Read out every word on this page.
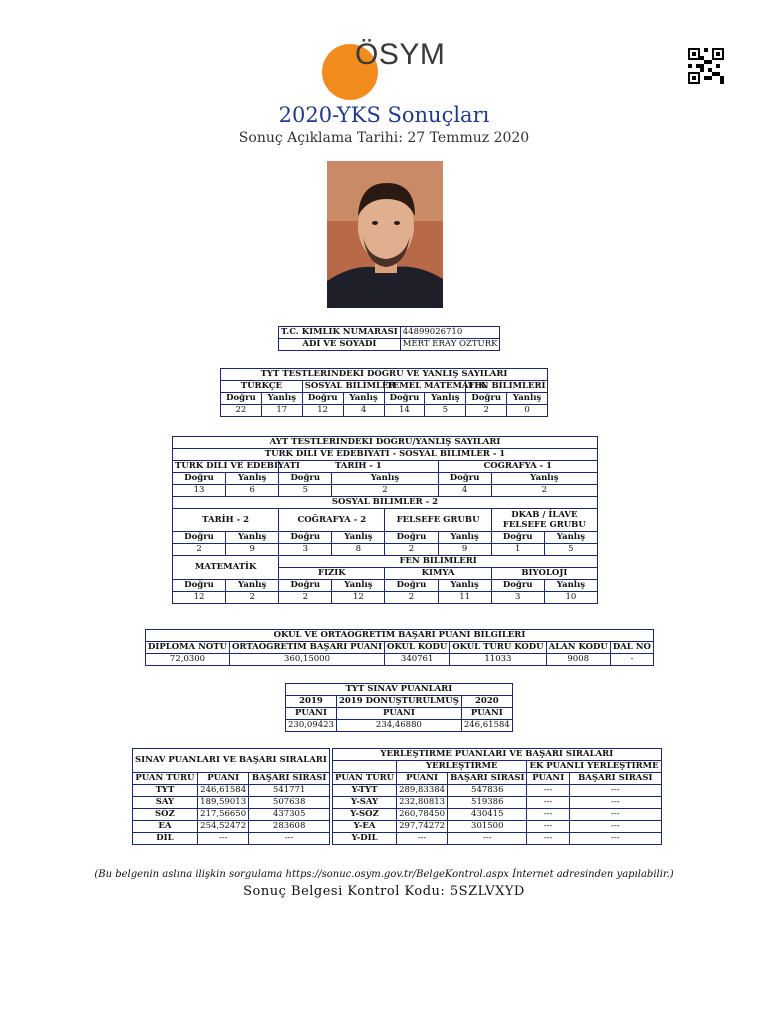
ÖSYM
2020-YKS Sonuçları
Sonuç Açıklama Tarihi: 27 Temmuz 2020
T.C. KİMLİK NUMARASI	44899026710
ADI VE SOYADI	MERT ERAY ÖZTÜRK
TYT TESTLERİNDEKİ DOĞRU VE YANLIŞ SAYILARI							
TÜRKÇE		SOSYAL BİLİMLER		TEMEL MATEMATİK		FEN BİLİMLERİ	
Doğru	Yanlış	Doğru	Yanlış	Doğru	Yanlış	Doğru	Yanlış
22	17	12	4	14	5	2	0
AYT TESTLERİNDEKİ DOĞRU/YANLIŞ SAYILARI							
TÜRK DİLİ VE EDEBİYATI - SOSYAL BİLİMLER - 1							
TÜRK DİLİ VE EDEBİYATI		TARİH - 1			COĞRAFYA - 1		
Doğru	Yanlış	Doğru	Yanlış		Doğru	Yanlış	
13	6	5	2		4	2	
SOSYAL BİLİMLER - 2							
TARİH - 2		COĞRAFYA - 2		FELSEFE GRUBU		DKAB / İLAVE FELSEFE GRUBU	
Doğru	Yanlış	Doğru	Yanlış	Doğru	Yanlış	Doğru	Yanlış
2	9	3	8	2	9	1	5
MATEMATİK		FEN BİLİMLERİ					
		FİZİK		KİMYA		BİYOLOJİ	
Doğru	Yanlış	Doğru	Yanlış	Doğru	Yanlış	Doğru	Yanlış
12	2	2	12	2	11	3	10
OKUL VE ORTAÖĞRETİM BAŞARI PUANI BİLGİLERİ					
DİPLOMA NOTU	ORTAÖĞRETİM BAŞARI PUANI	OKUL KODU	OKUL TÜRÜ KODU	ALAN KODU	DAL NO
72,0300	360,15000	340761	11033	9008	-
TYT SINAV PUANLARI		
2019	2019 DÖNÜŞTÜRÜLMÜŞ	2020
PUANI	PUANI	PUANI
230,09423	234,46880	246,61584
SINAV PUANLARI VE BAŞARI SIRALARI		
PUAN TÜRÜ	PUANI	BAŞARI SIRASI
TYT	246,61584	541771
SAY	189,59013	507638
SÖZ	217,56650	437305
EA	254,52472	283608
DİL	---	---
YERLEŞTİRME PUANLARI VE BAŞARI SIRALARI				
	YERLEŞTİRME		EK PUANLI YERLEŞTİRME	
PUAN TÜRÜ	PUANI	BAŞARI SIRASI	PUANI	BAŞARI SIRASI
Y-TYT	289,83384	547836	---	---
Y-SAY	232,80813	519386	---	---
Y-SÖZ	260,78450	430415	---	---
Y-EA	297,74272	301500	---	---
Y-DİL	---	---	---	---
(Bu belgenin aslına ilişkin sorgulama https://sonuc.osym.gov.tr/BelgeKontrol.aspx İnternet adresinden yapılabilir.)
Sonuç Belgesi Kontrol Kodu: 5SZLVXYD
